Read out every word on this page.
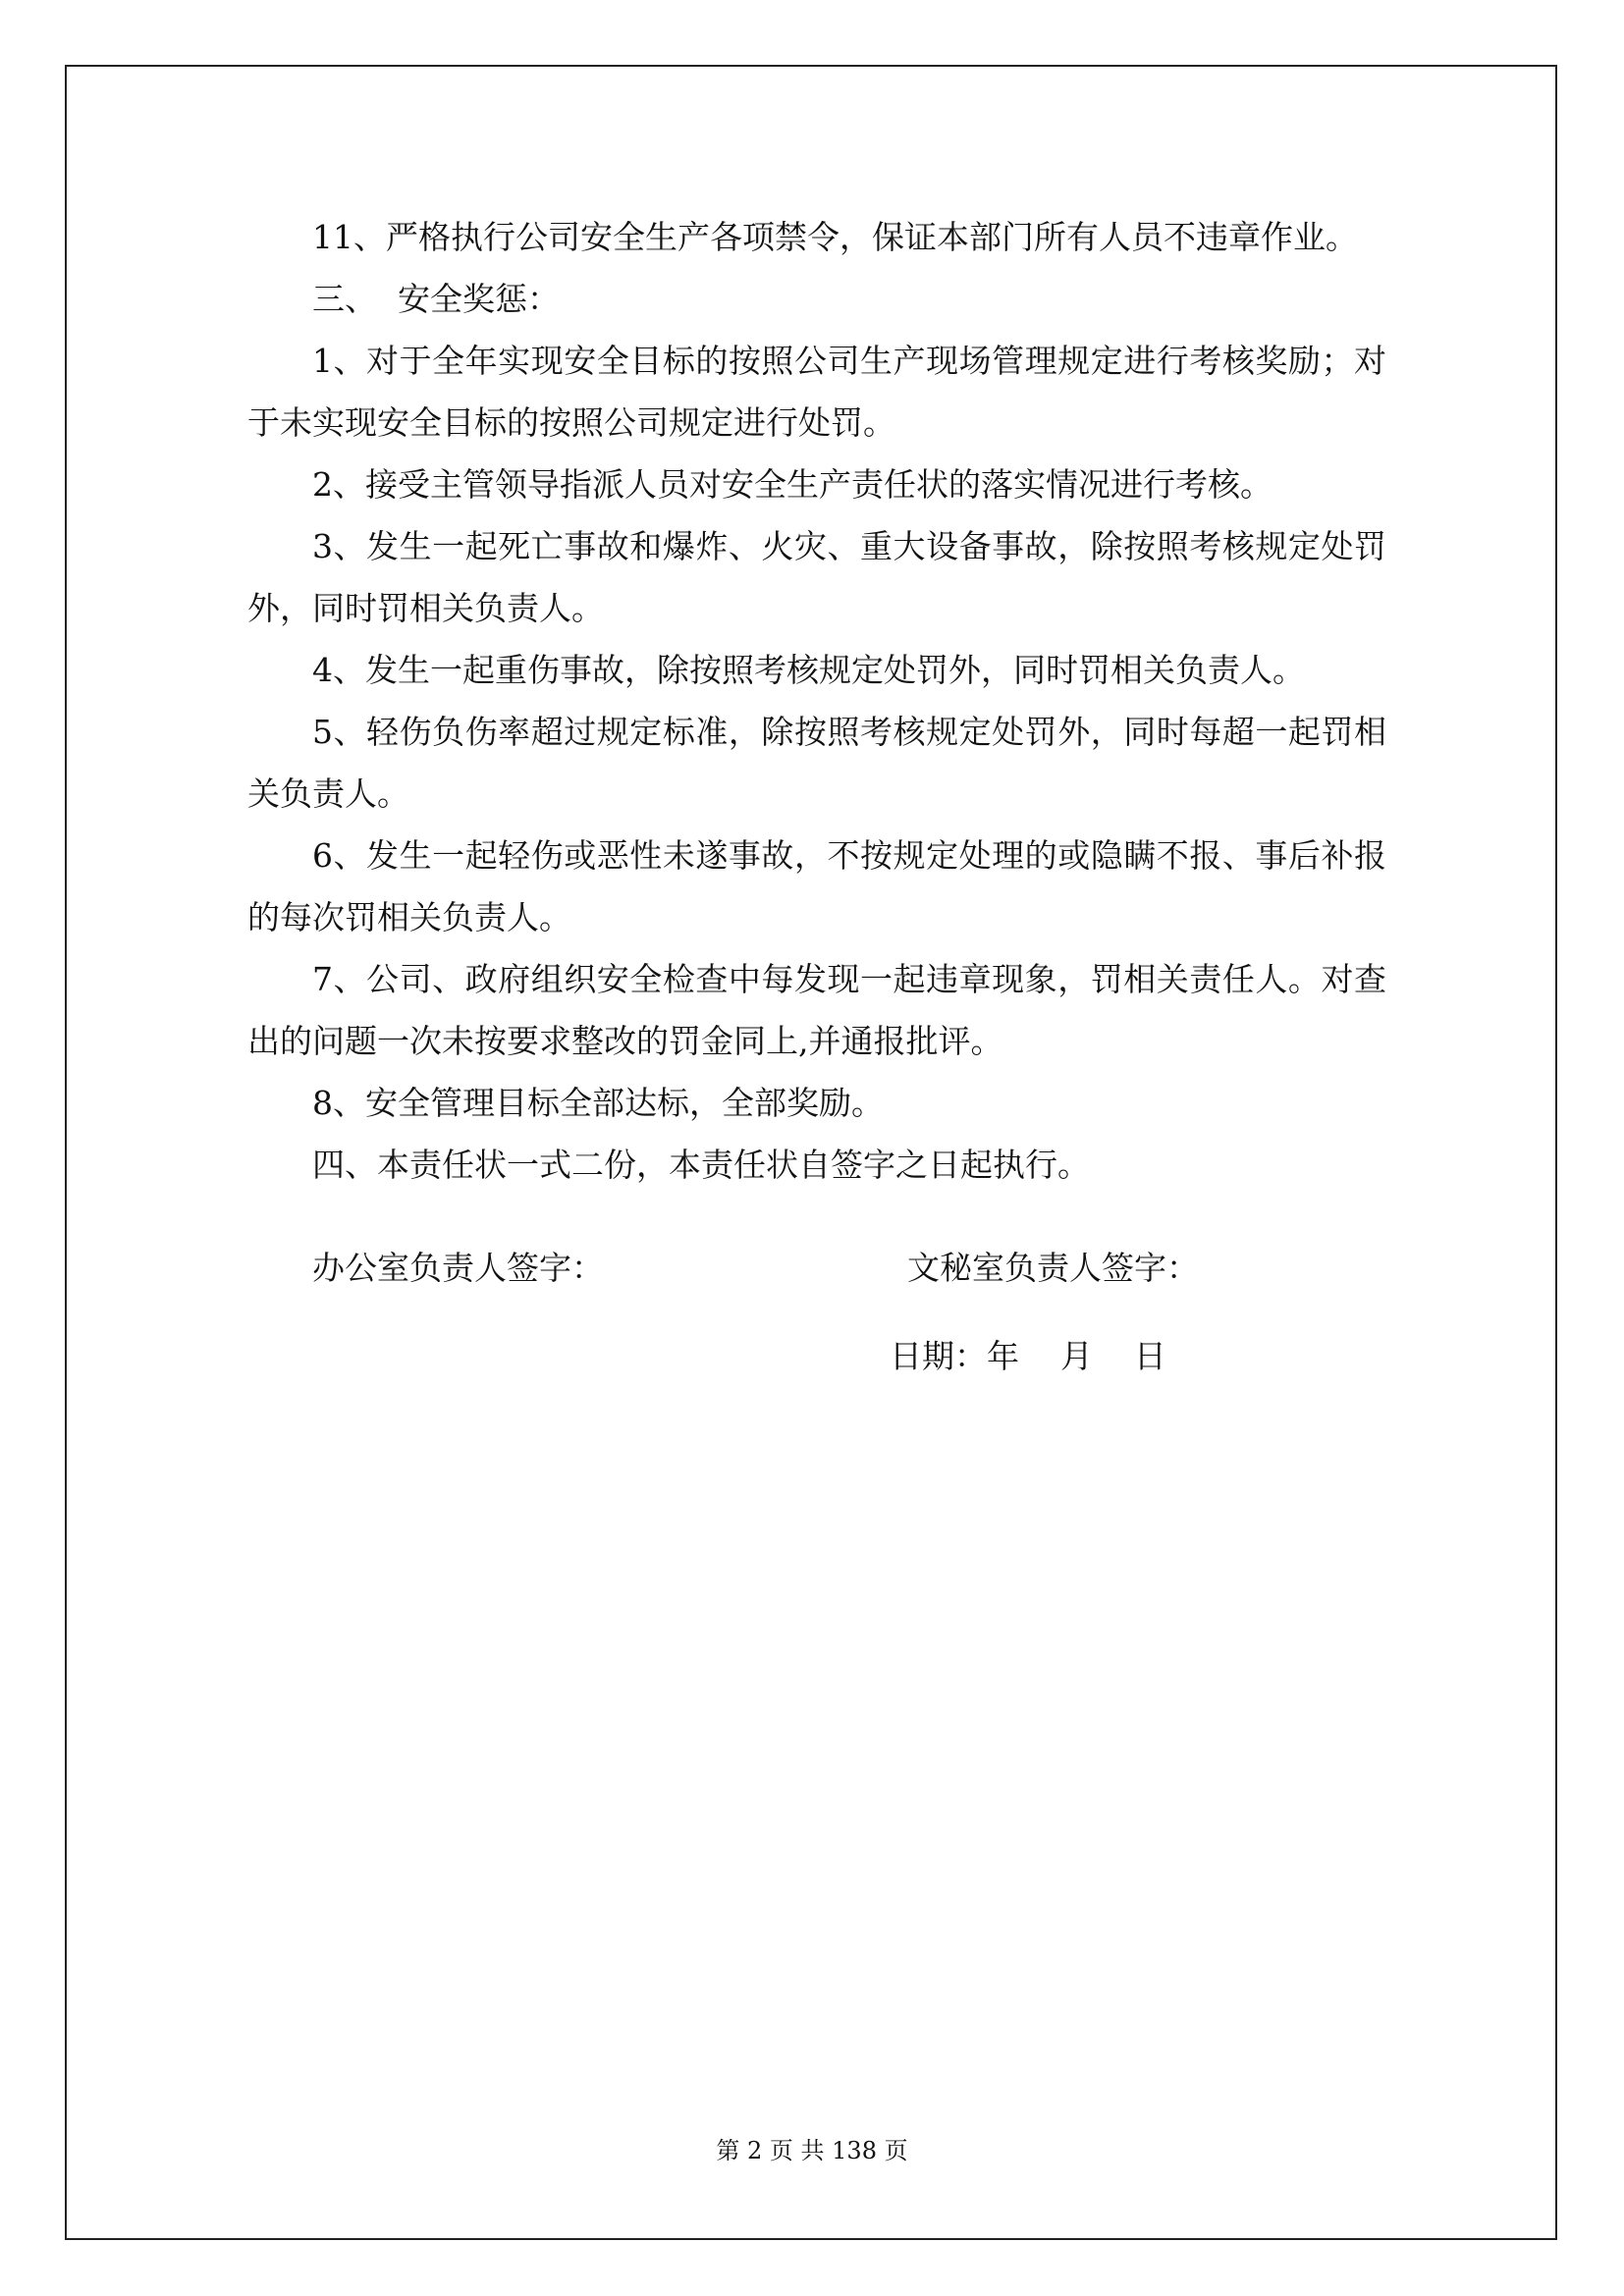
11、严格执行公司安全生产各项禁令，保证本部门所有人员不违章作业。

三、  安全奖惩：

1、对于全年实现安全目标的按照公司生产现场管理规定进行考核奖励；对于未实现安全目标的按照公司规定进行处罚。

2、接受主管领导指派人员对安全生产责任状的落实情况进行考核。

3、发生一起死亡事故和爆炸、火灾、重大设备事故，除按照考核规定处罚外，同时罚相关负责人。

4、发生一起重伤事故，除按照考核规定处罚外，同时罚相关负责人。

5、轻伤负伤率超过规定标准，除按照考核规定处罚外，同时每超一起罚相关负责人。

6、发生一起轻伤或恶性未遂事故，不按规定处理的或隐瞒不报、事后补报的每次罚相关负责人。

7、公司、政府组织安全检查中每发现一起违章现象，罚相关责任人。对查出的问题一次未按要求整改的罚金同上,并通报批评。

8、安全管理目标全部达标，全部奖励。

四、本责任状一式二份，本责任状自签字之日起执行。

办公室负责人签字：	文秘室负责人签字：
日期：年    月    日
第 2 页 共 138 页
